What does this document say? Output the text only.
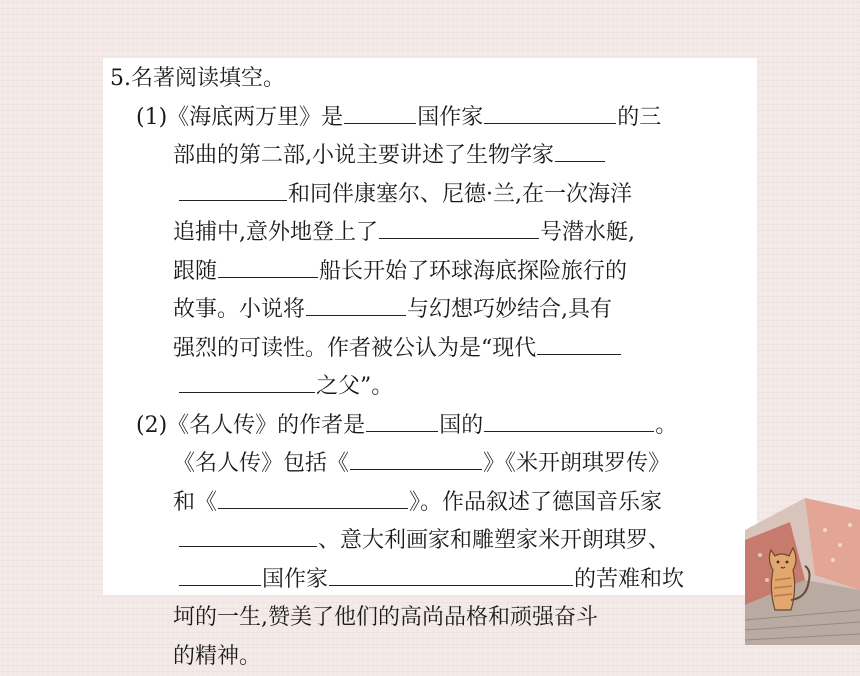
5.名著阅读填空。
(1)《海底两万里》是	国作家	的三
部曲的第二部,小说主要讲述了生物学家
和同伴康塞尔、尼德·兰,在一次海洋
追捕中,意外地登上了	号潜水艇,
跟随	船长开始了环球海底探险旅行的
故事。小说将	与幻想巧妙结合,具有
强烈的可读性。作者被公认为是“现代
之父”。
(2)《名人传》的作者是	国的	。
《名人传》包括《	》《米开朗琪罗传》
和《	》。作品叙述了德国音乐家
、意大利画家和雕塑家米开朗琪罗、
国作家	的苦难和坎
坷的一生,赞美了他们的高尚品格和顽强奋斗
的精神。
